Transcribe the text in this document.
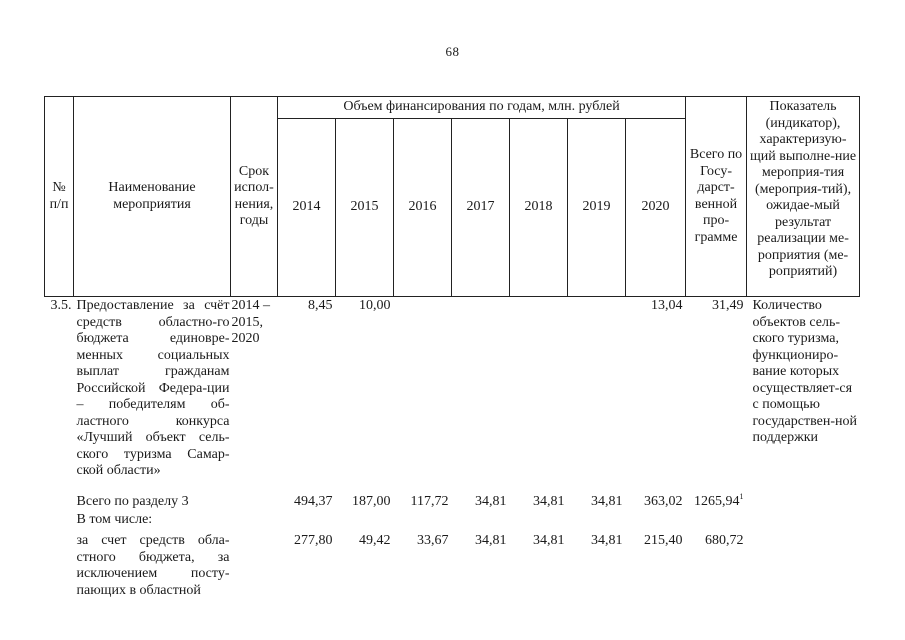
68
№ п/п	Наименование мероприятия	Срок испол-нения, годы	Объем финансирования по годам, млн. рублей							Всего по Госу-дарст-венной про-грамме	Показатель (индикатор), характеризую-щий выполне-ние мероприя-тия (мероприя-тий), ожидае-мый результат реализации ме-роприятия (ме-роприятий)
			2014	2015	2016	2017	2018	2019	2020		
3.5.	Предоставление за счёт средств областно-го бюджета единовре-менных социальных выплат гражданам Российской Федера-ции – победителям об-ластного конкурса «Лучший объект сель-ского туризма Самар-ской области»	2014 – 2015, 2020	8,45	10,00					13,04	31,49	Количество объектов сель-ского туризма, функциониро-вание которых осуществляет-ся с помощью государствен-ной поддержки
	Всего по разделу 3		494,37	187,00	117,72	34,81	34,81	34,81	363,02	1265,94$^1$	
	В том числе:										
	за счет средств обла-стного бюджета, за исключением посту-пающих в областной		277,80	49,42	33,67	34,81	34,81	34,81	215,40	680,72	
